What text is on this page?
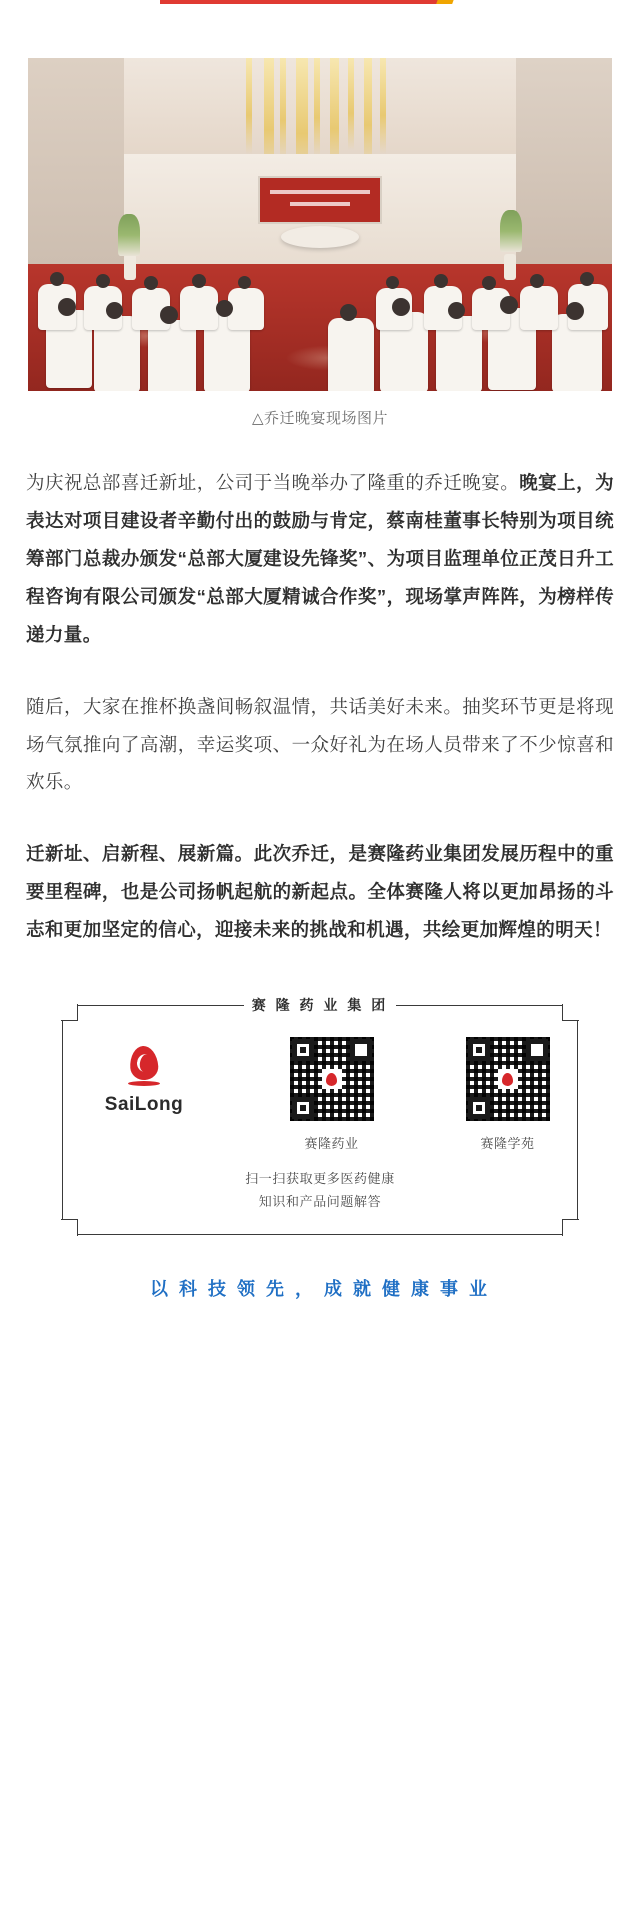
△乔迁晚宴现场图片

为庆祝总部喜迁新址，公司于当晚举办了隆重的乔迁晚宴。晚宴上，为表达对项目建设者辛勤付出的鼓励与肯定，蔡南桂董事长特别为项目统筹部门总裁办颁发“总部大厦建设先锋奖”、为项目监理单位正茂日升工程咨询有限公司颁发“总部大厦精诚合作奖”，现场掌声阵阵，为榜样传递力量。

随后，大家在推杯换盏间畅叙温情，共话美好未来。抽奖环节更是将现场气氛推向了高潮，幸运奖项、一众好礼为在场人员带来了不少惊喜和欢乐。

迁新址、启新程、展新篇。此次乔迁，是赛隆药业集团发展历程中的重要里程碑，也是公司扬帆起航的新起点。全体赛隆人将以更加昂扬的斗志和更加坚定的信心，迎接未来的挑战和机遇，共绘更加辉煌的明天！

赛 隆 药 业 集 团
SaiLong
赛隆药业	赛隆学苑
扫一扫获取更多医药健康
知识和产品问题解答
以 科 技 领 先 ， 成 就 健 康 事 业
